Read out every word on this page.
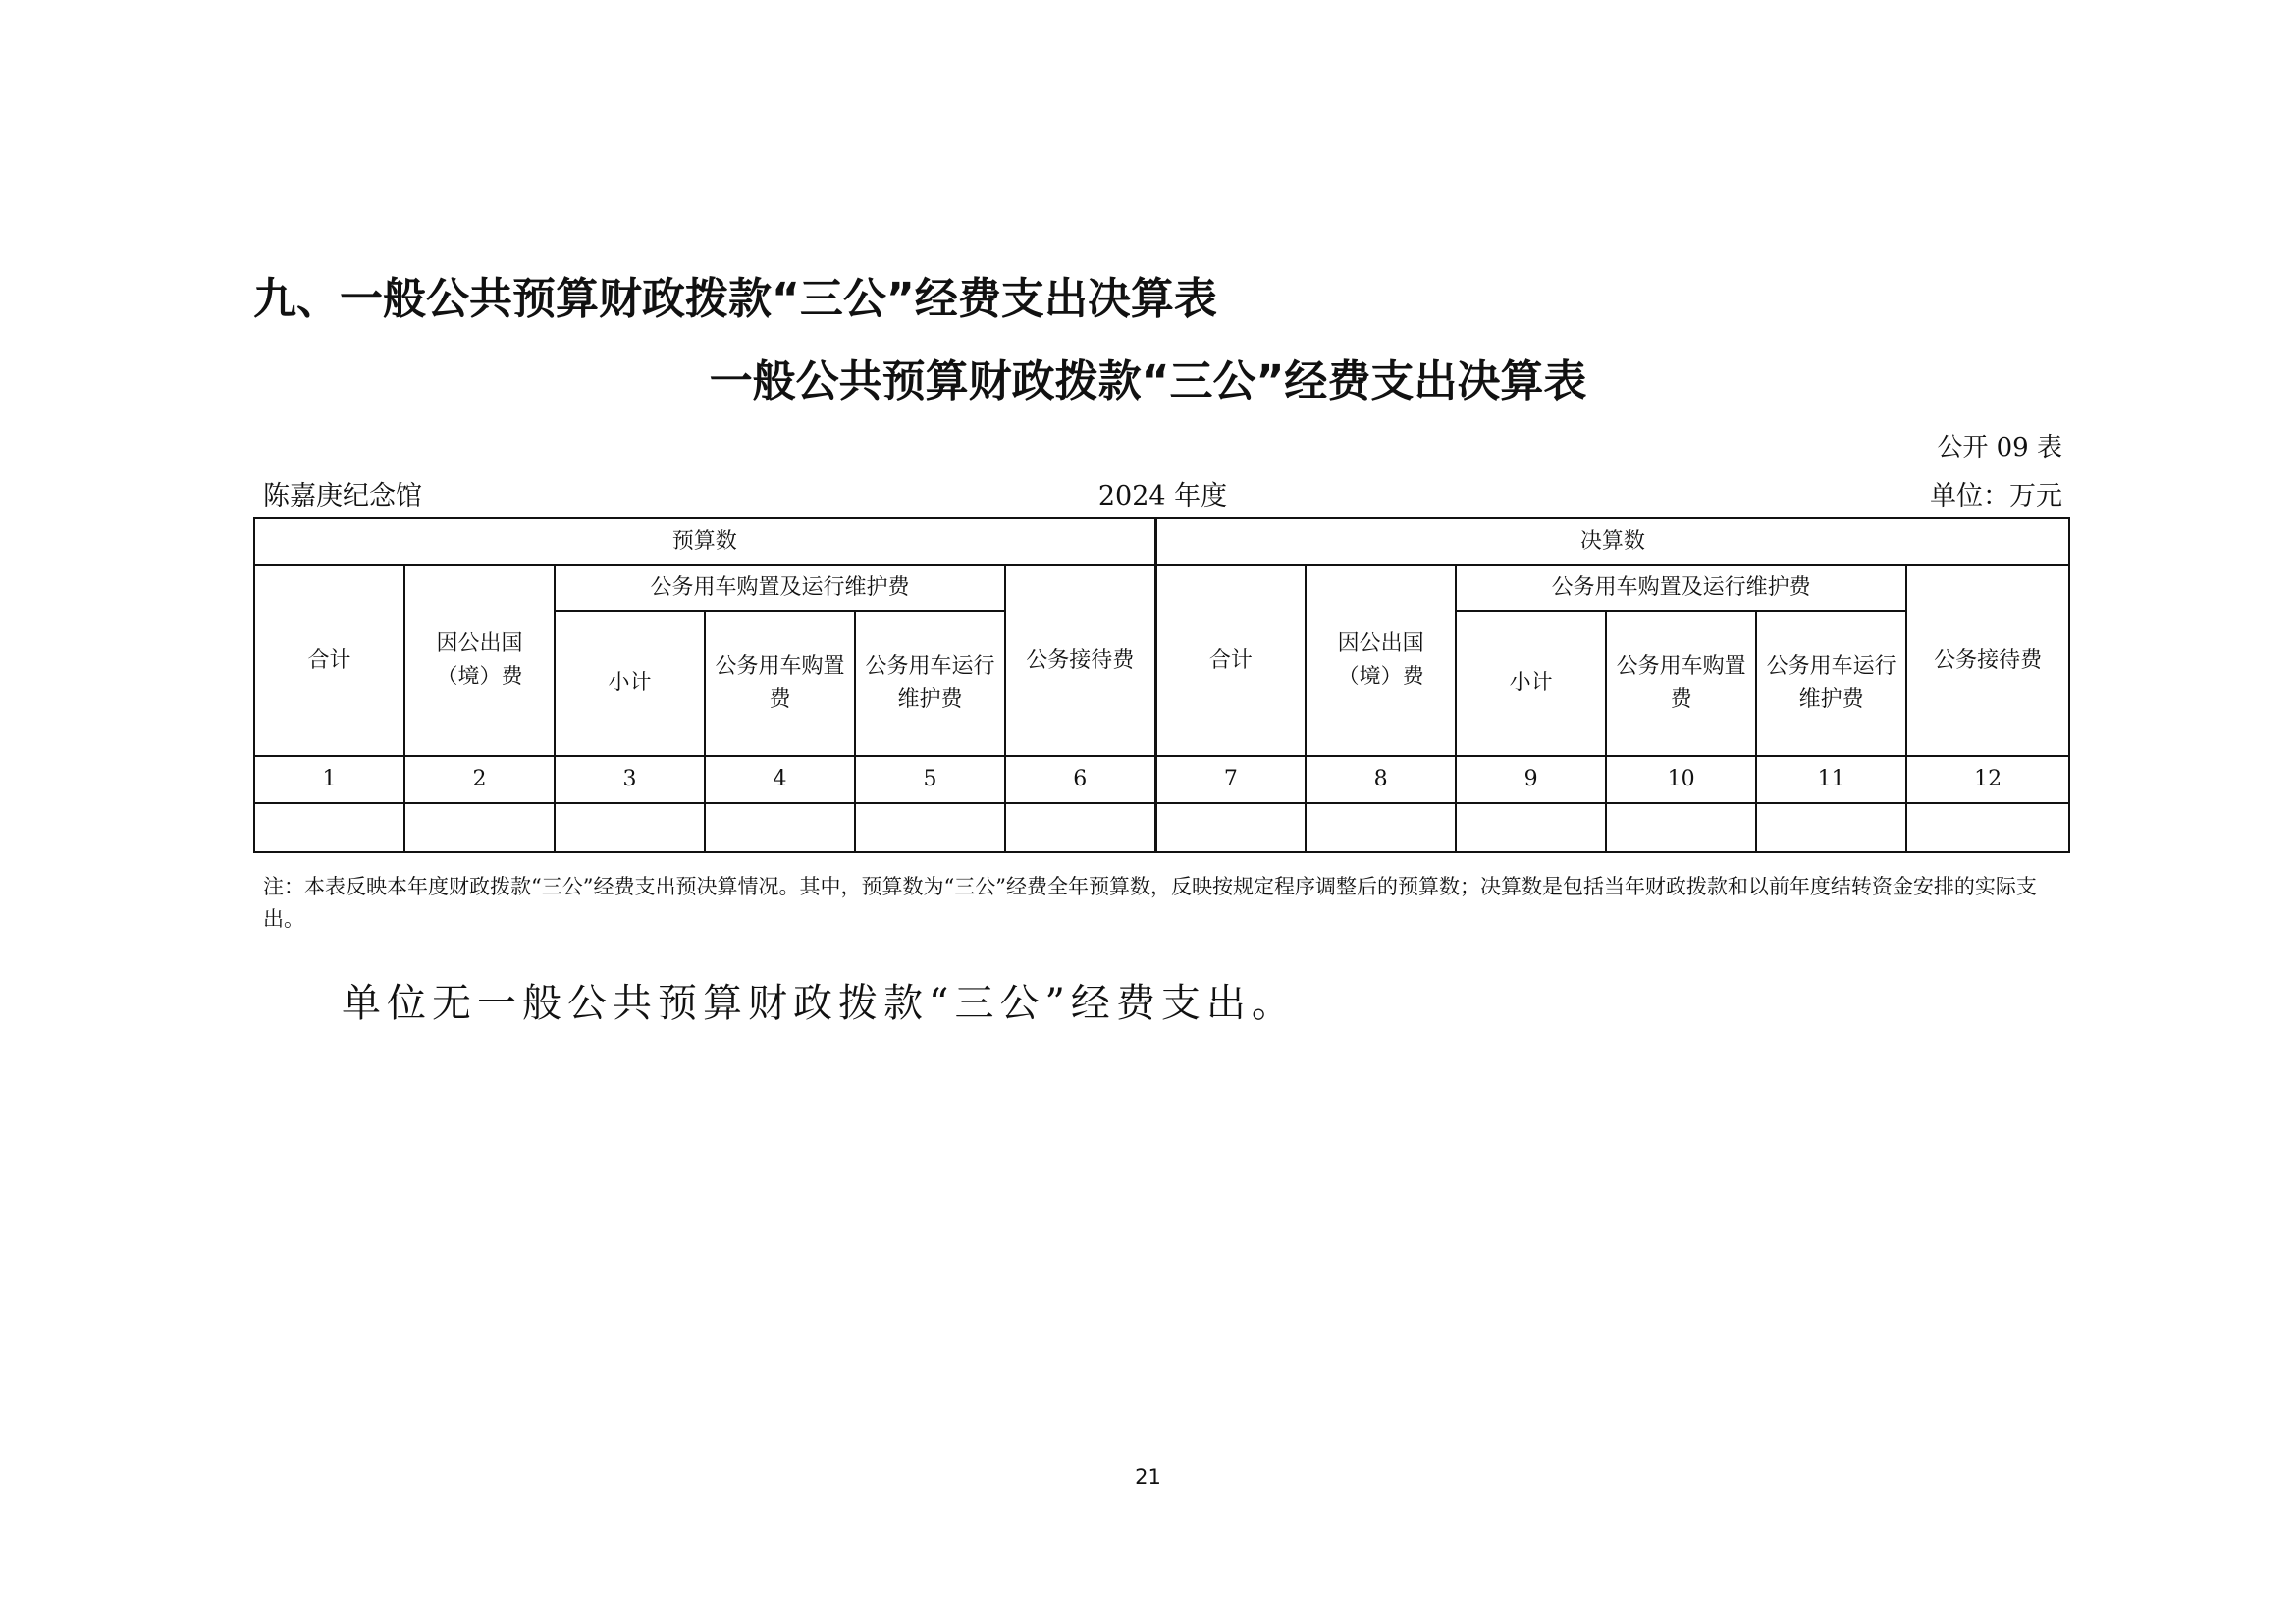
九、一般公共预算财政拨款“三公”经费支出决算表
一般公共预算财政拨款“三公”经费支出决算表
公开 09 表
陈嘉庚纪念馆	2024 年度	单位：万元
预算数						决算数					
合计	因公出国（境）费	公务用车购置及运行维护费			公务接待费	合计	因公出国（境）费	公务用车购置及运行维护费			公务接待费
		小计	公务用车购置费	公务用车运行维护费				小计	公务用车购置费	公务用车运行维护费	
1	2	3	4	5	6	7	8	9	10	11	12

注：本表反映本年度财政拨款“三公”经费支出预决算情况。其中，预算数为“三公”经费全年预算数，反映按规定程序调整后的预算数；决算数是包括当年财政拨款和以前年度结转资金安排的实际支出。
单位无一般公共预算财政拨款“三公”经费支出。
21
